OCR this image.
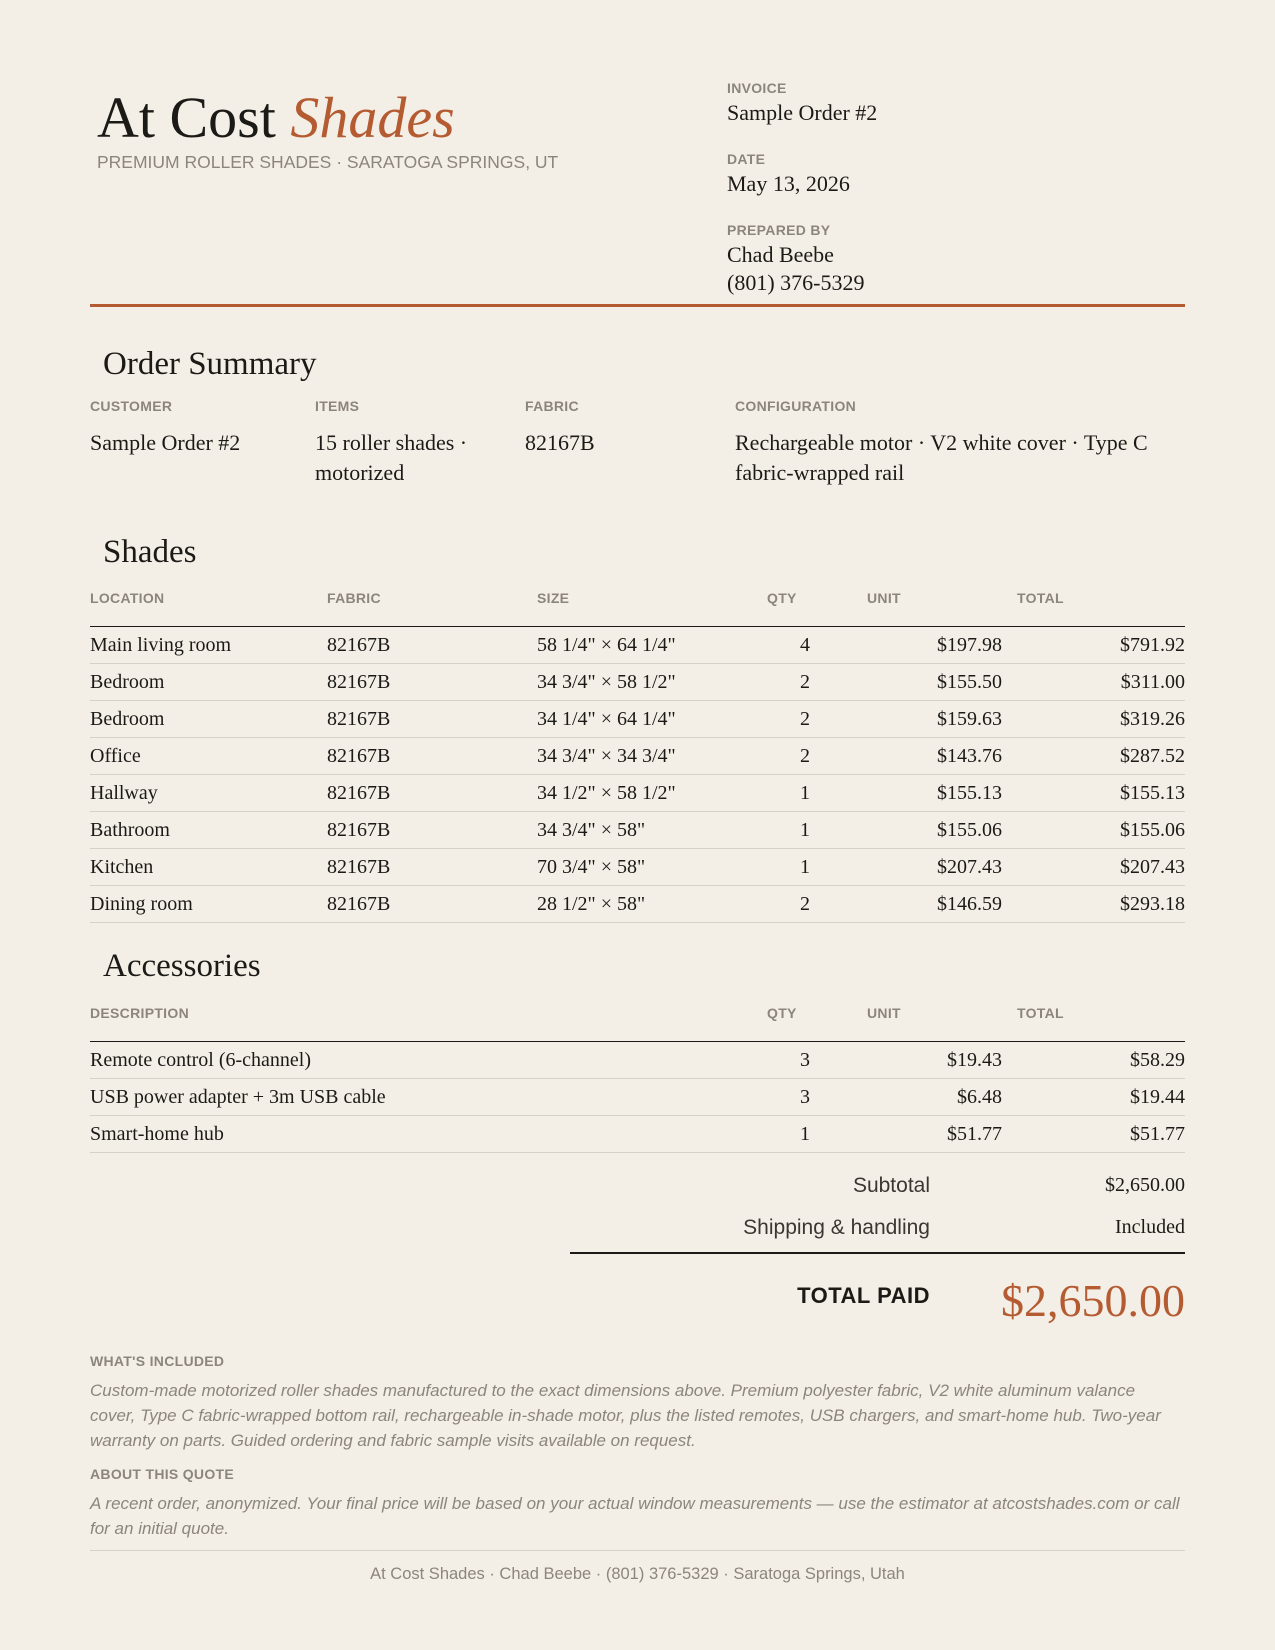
At Cost Shades
PREMIUM ROLLER SHADES · SARATOGA SPRINGS, UT
INVOICE
Sample Order #2
DATE
May 13, 2026
PREPARED BY
Chad Beebe
(801) 376-5329
Order Summary
CUSTOMER
Sample Order #2
ITEMS
15 roller shades · motorized
FABRIC
82167B
CONFIGURATION
Rechargeable motor · V2 white cover · Type C fabric-wrapped rail
Shades
LOCATION	FABRIC	SIZE	QTY	UNIT	TOTAL
Main living room	82167B	58 1/4" × 64 1/4"	4	$197.98	$791.92
Bedroom	82167B	34 3/4" × 58 1/2"	2	$155.50	$311.00
Bedroom	82167B	34 1/4" × 64 1/4"	2	$159.63	$319.26
Office	82167B	34 3/4" × 34 3/4"	2	$143.76	$287.52
Hallway	82167B	34 1/2" × 58 1/2"	1	$155.13	$155.13
Bathroom	82167B	34 3/4" × 58"	1	$155.06	$155.06
Kitchen	82167B	70 3/4" × 58"	1	$207.43	$207.43
Dining room	82167B	28 1/2" × 58"	2	$146.59	$293.18
Accessories
DESCRIPTION	QTY	UNIT	TOTAL
Remote control (6-channel)	3	$19.43	$58.29
USB power adapter + 3m USB cable	3	$6.48	$19.44
Smart-home hub	1	$51.77	$51.77
Subtotal	$2,650.00
Shipping & handling	Included
TOTAL PAID $2,650.00
WHAT'S INCLUDED
Custom-made motorized roller shades manufactured to the exact dimensions above. Premium polyester fabric, V2 white aluminum valance cover, Type C fabric-wrapped bottom rail, rechargeable in-shade motor, plus the listed remotes, USB chargers, and smart-home hub. Two-year warranty on parts. Guided ordering and fabric sample visits available on request.
ABOUT THIS QUOTE
A recent order, anonymized. Your final price will be based on your actual window measurements — use the estimator at atcostshades.com or call for an initial quote.
At Cost Shades · Chad Beebe · (801) 376-5329 · Saratoga Springs, Utah
